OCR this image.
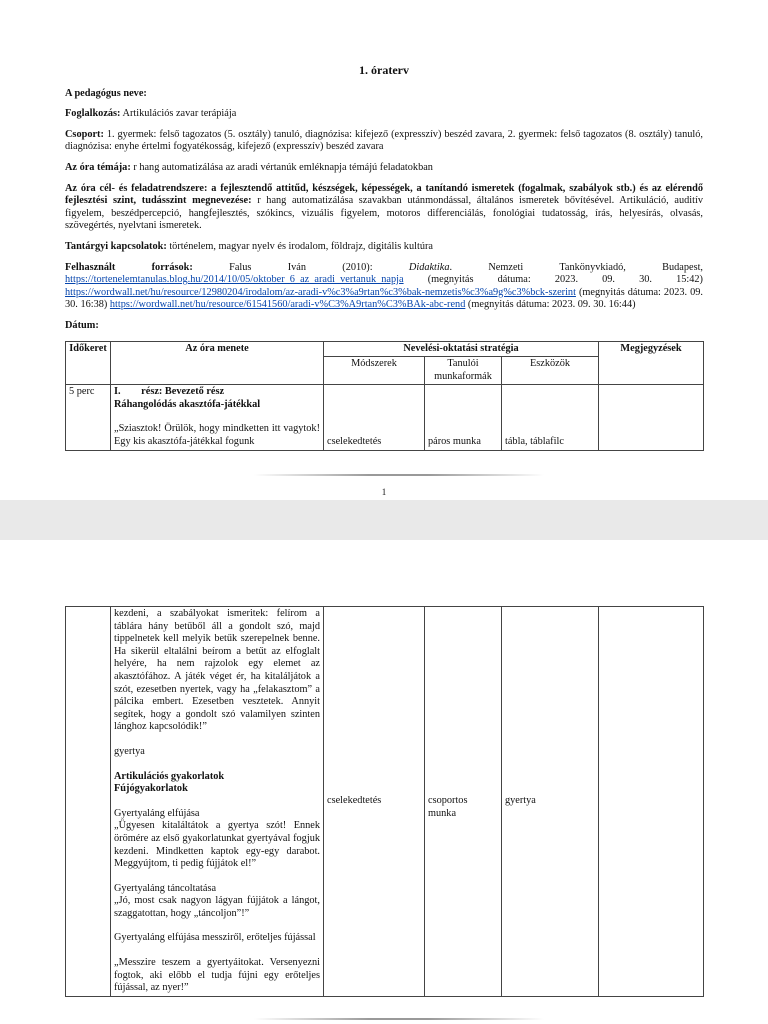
1. óraterv

A pedagógus neve:

Foglalkozás: Artikulációs zavar terápiája

Csoport: 1. gyermek: felső tagozatos (5. osztály) tanuló, diagnózisa: kifejező (expresszív) beszéd zavara, 2. gyermek: felső tagozatos (8. osztály) tanuló, diagnózisa: enyhe értelmi fogyatékosság, kifejező (expresszív) beszéd zavara

Az óra témája: r hang automatizálása az aradi vértanúk emléknapja témájú feladatokban

Az óra cél- és feladatrendszere: a fejlesztendő attitűd, készségek, képességek, a tanítandó ismeretek (fogalmak, szabályok stb.) és az elérendő fejlesztési szint, tudásszint megnevezése: r hang automatizálása szavakban utánmondással, általános ismeretek bővítésével. Artikuláció, auditív figyelem, beszédpercepció, hangfejlesztés, szókincs, vizuális figyelem, motoros differenciálás, fonológiai tudatosság, írás, helyesírás, olvasás, szövegértés, nyelvtani ismeretek.

Tantárgyi kapcsolatok: történelem, magyar nyelv és irodalom, földrajz, digitális kultúra

Felhasznált források: Falus Iván (2010): Didaktika. Nemzeti Tankönyvkiadó, Budapest, https://tortenelemtanulas.blog.hu/2014/10/05/oktober_6_az_aradi_vertanuk_napja (megnyitás dátuma: 2023. 09. 30. 15:42) https://wordwall.net/hu/resource/12980204/irodalom/az-aradi-v%c3%a9rtan%c3%bak-nemzetis%c3%a9g%c3%bck-szerint (megnyitás dátuma: 2023. 09. 30. 16:38) https://wordwall.net/hu/resource/61541560/aradi-v%C3%A9rtan%C3%BAk-abc-rend (megnyitás dátuma: 2023. 09. 30. 16:44)

Dátum:

Időkeret	Az óra menete	Nevelési-oktatási stratégia			Megjegyzések
		Módszerek	Tanulói munkaformák	Eszközök	
5 perc	I.        rész: Bevezető rész
Ráhangolódás akasztófa-játékkal
„Sziasztok! Örülök, hogy mindketten itt vagytok! Egy kis akasztófa-játékkal fogunk	cselekedtetés	páros munka	tábla, táblafilc	
1

kezdeni, a szabályokat ismeritek: felírom a táblára hány betűből áll a gondolt szó, majd tippelnetek kell melyik betűk szerepelnek benne. Ha sikerül eltalálni beírom a betűt az elfoglalt helyére, ha nem rajzolok egy elemet az akasztófához. A játék véget ér, ha kitaláljátok a szót, ezesetben nyertek, vagy ha „felakasztom” a pálcika embert. Ezesetben vesztetek. Annyit segítek, hogy a gondolt szó valamilyen szinten lánghoz kapcsolódik!”
gyertya
Artikulációs gyakorlatok
Fújógyakorlatok
Gyertyaláng elfújása
„Ügyesen kitaláltátok a gyertya szót! Ennek örömére az első gyakorlatunkat gyertyával fogjuk kezdeni. Mindketten kaptok egy-egy darabot. Meggyújtom, ti pedig fújjátok el!”
Gyertyaláng táncoltatása
„Jó, most csak nagyon lágyan fújjátok a lángot, szaggatottan, hogy „táncoljon”!”
Gyertyaláng elfújása messziről, erőteljes fújással
„Messzire teszem a gyertyáitokat. Versenyezni fogtok, aki előbb el tudja fújni egy erőteljes fújással, az nyer!”
	cselekedtetés	csoportos munka	gyertya	
